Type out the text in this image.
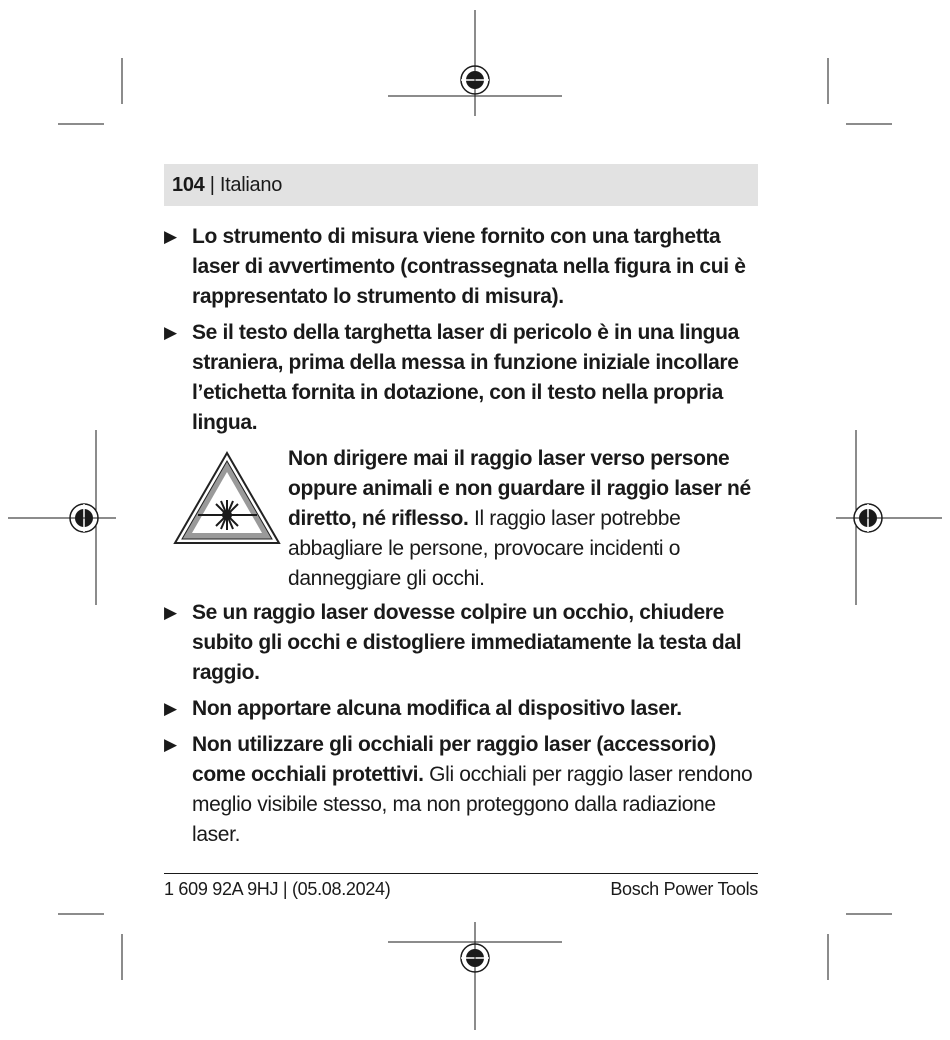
104 | Italiano
▶ Lo strumento di misura viene fornito con una targhetta laser di avvertimento (contrassegnata nella figura in cui è rappresentato lo strumento di misura).
▶ Se il testo della targhetta laser di pericolo è in una lingua straniera, prima della messa in funzione iniziale incollare l’etichetta fornita in dotazione, con il testo nella propria lingua.
Non dirigere mai il raggio laser verso persone oppure animali e non guardare il raggio laser né diretto, né riflesso. Il raggio laser potrebbe abbagliare le persone, provocare incidenti o danneggiare gli occhi.
▶ Se un raggio laser dovesse colpire un occhio, chiudere subito gli occhi e distogliere immediatamente la testa dal raggio.
▶ Non apportare alcuna modifica al dispositivo laser.
▶ Non utilizzare gli occhiali per raggio laser (accessorio) come occhiali protettivi. Gli occhiali per raggio laser rendono meglio visibile stesso, ma non proteggono dalla radiazione laser.
1 609 92A 9HJ | (05.08.2024)	Bosch Power Tools
